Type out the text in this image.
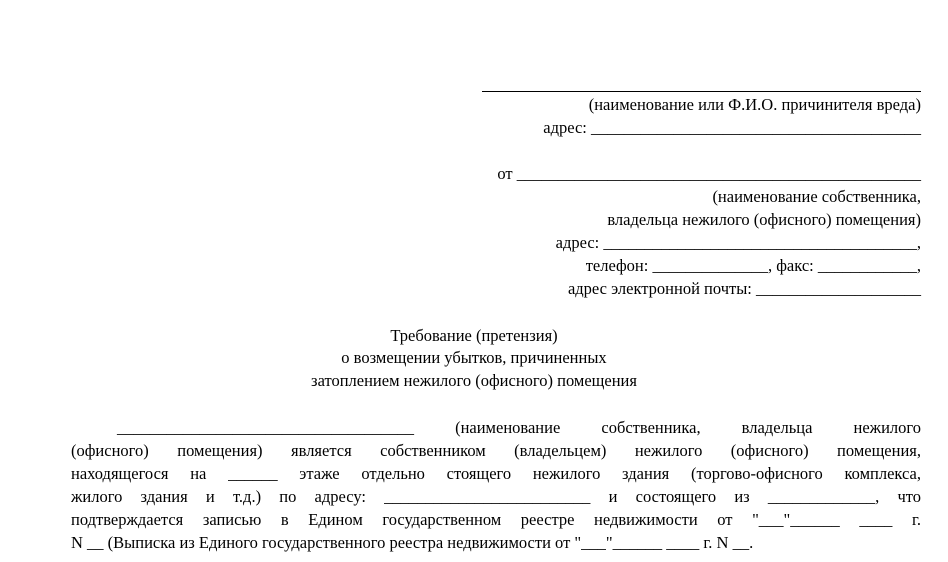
(наименование или Ф.И.О. причинителя вреда)
адрес: ________________________________________
от _________________________________________________
(наименование собственника,
владельца нежилого (офисного) помещения)
адрес: ______________________________________,
телефон: ______________, факс: ____________,
адрес электронной почты: ____________________
Требование (претензия)
о возмещении убытков, причиненных
затоплением нежилого (офисного) помещения
____________________________________ (наименование собственника, владельца нежилого
(офисного) помещения) является собственником (владельцем) нежилого (офисного) помещения,
находящегося на ______ этаже отдельно стоящего нежилого здания (торгово-офисного комплекса,
жилого здания и т.д.) по адресу: _________________________ и состоящего из _____________, что
подтверждается записью в Едином государственном реестре недвижимости от "___"______ ____ г.
N __ (Выписка из Единого государственного реестра недвижимости от "___"______ ____ г. N __.
